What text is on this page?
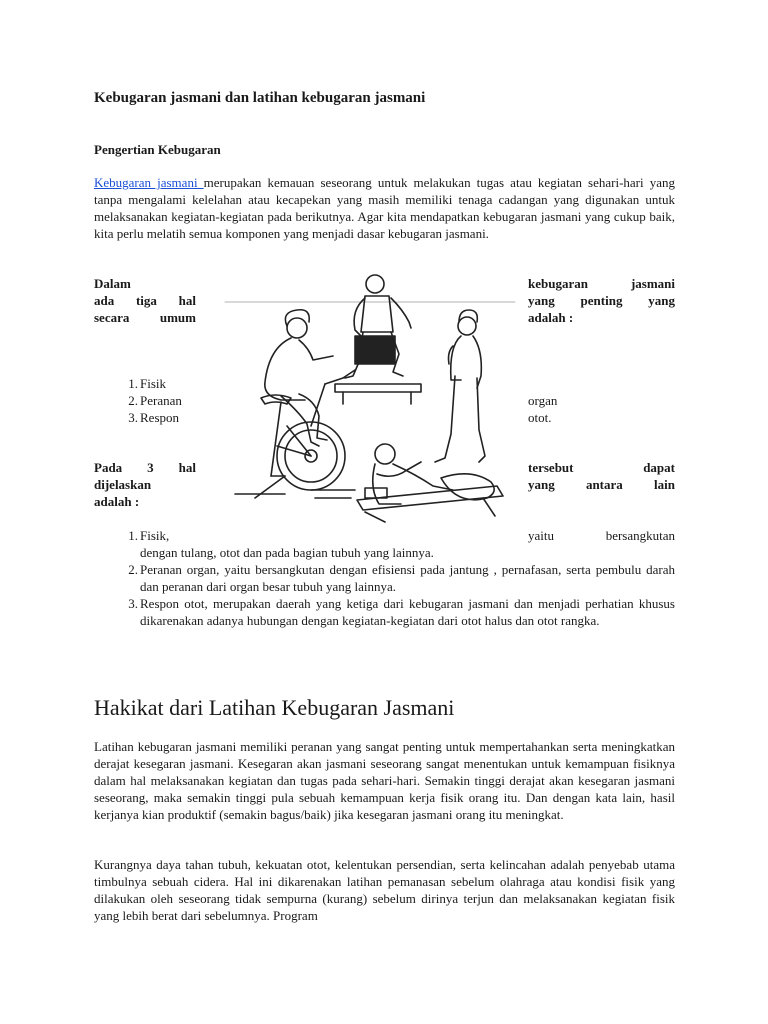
Kebugaran jasmani dan latihan kebugaran jasmani
Pengertian Kebugaran
Kebugaran jasmani merupakan kemauan seseorang untuk melakukan tugas atau kegiatan sehari-hari yang tanpa mengalami kelelahan atau kecapekan yang masih memiliki tenaga cadangan yang digunakan untuk melaksanakan kegiatan-kegiatan pada berikutnya. Agar kita mendapatkan kebugaran jasmani yang cukup baik, kita perlu melatih semua komponen yang menjadi dasar kebugaran jasmani.
Dalam	kebugaran	jasmani
ada tiga hal	yang penting yang
secara umum	adalah :
1. Fisik
2. Peranan	organ
3. Respon	otot.
Pada 3 hal	tersebut	dapat
dijelaskan	yang antara lain
adalah :
1. Fisik,	yaitu	bersangkutan
dengan tulang, otot dan pada bagian tubuh yang lainnya.
2. Peranan organ, yaitu bersangkutan dengan efisiensi pada jantung , pernafasan, serta pembulu darah dan peranan dari organ besar tubuh yang lainnya.
3. Respon otot, merupakan daerah yang ketiga dari kebugaran jasmani dan menjadi perhatian khusus dikarenakan adanya hubungan dengan kegiatan-kegiatan dari otot halus dan otot rangka.
Hakikat dari Latihan Kebugaran Jasmani
Latihan kebugaran jasmani memiliki peranan yang sangat penting untuk mempertahankan serta meningkatkan derajat kesegaran jasmani. Kesegaran akan jasmani seseorang sangat menentukan untuk kemampuan fisiknya dalam hal melaksanakan kegiatan dan tugas pada sehari-hari. Semakin tinggi derajat akan kesegaran jasmani seseorang, maka semakin tinggi pula sebuah kemampuan kerja fisik orang itu. Dan dengan kata lain, hasil kerjanya kian produktif (semakin bagus/baik) jika kesegaran jasmani orang itu meningkat.
Kurangnya daya tahan tubuh, kekuatan otot, kelentukan persendian, serta kelincahan adalah penyebab utama timbulnya sebuah cidera. Hal ini dikarenakan latihan pemanasan sebelum olahraga atau kondisi fisik yang dilakukan oleh seseorang tidak sempurna (kurang) sebelum dirinya terjun dan melaksanakan kegiatan fisik yang lebih berat dari sebelumnya. Program
